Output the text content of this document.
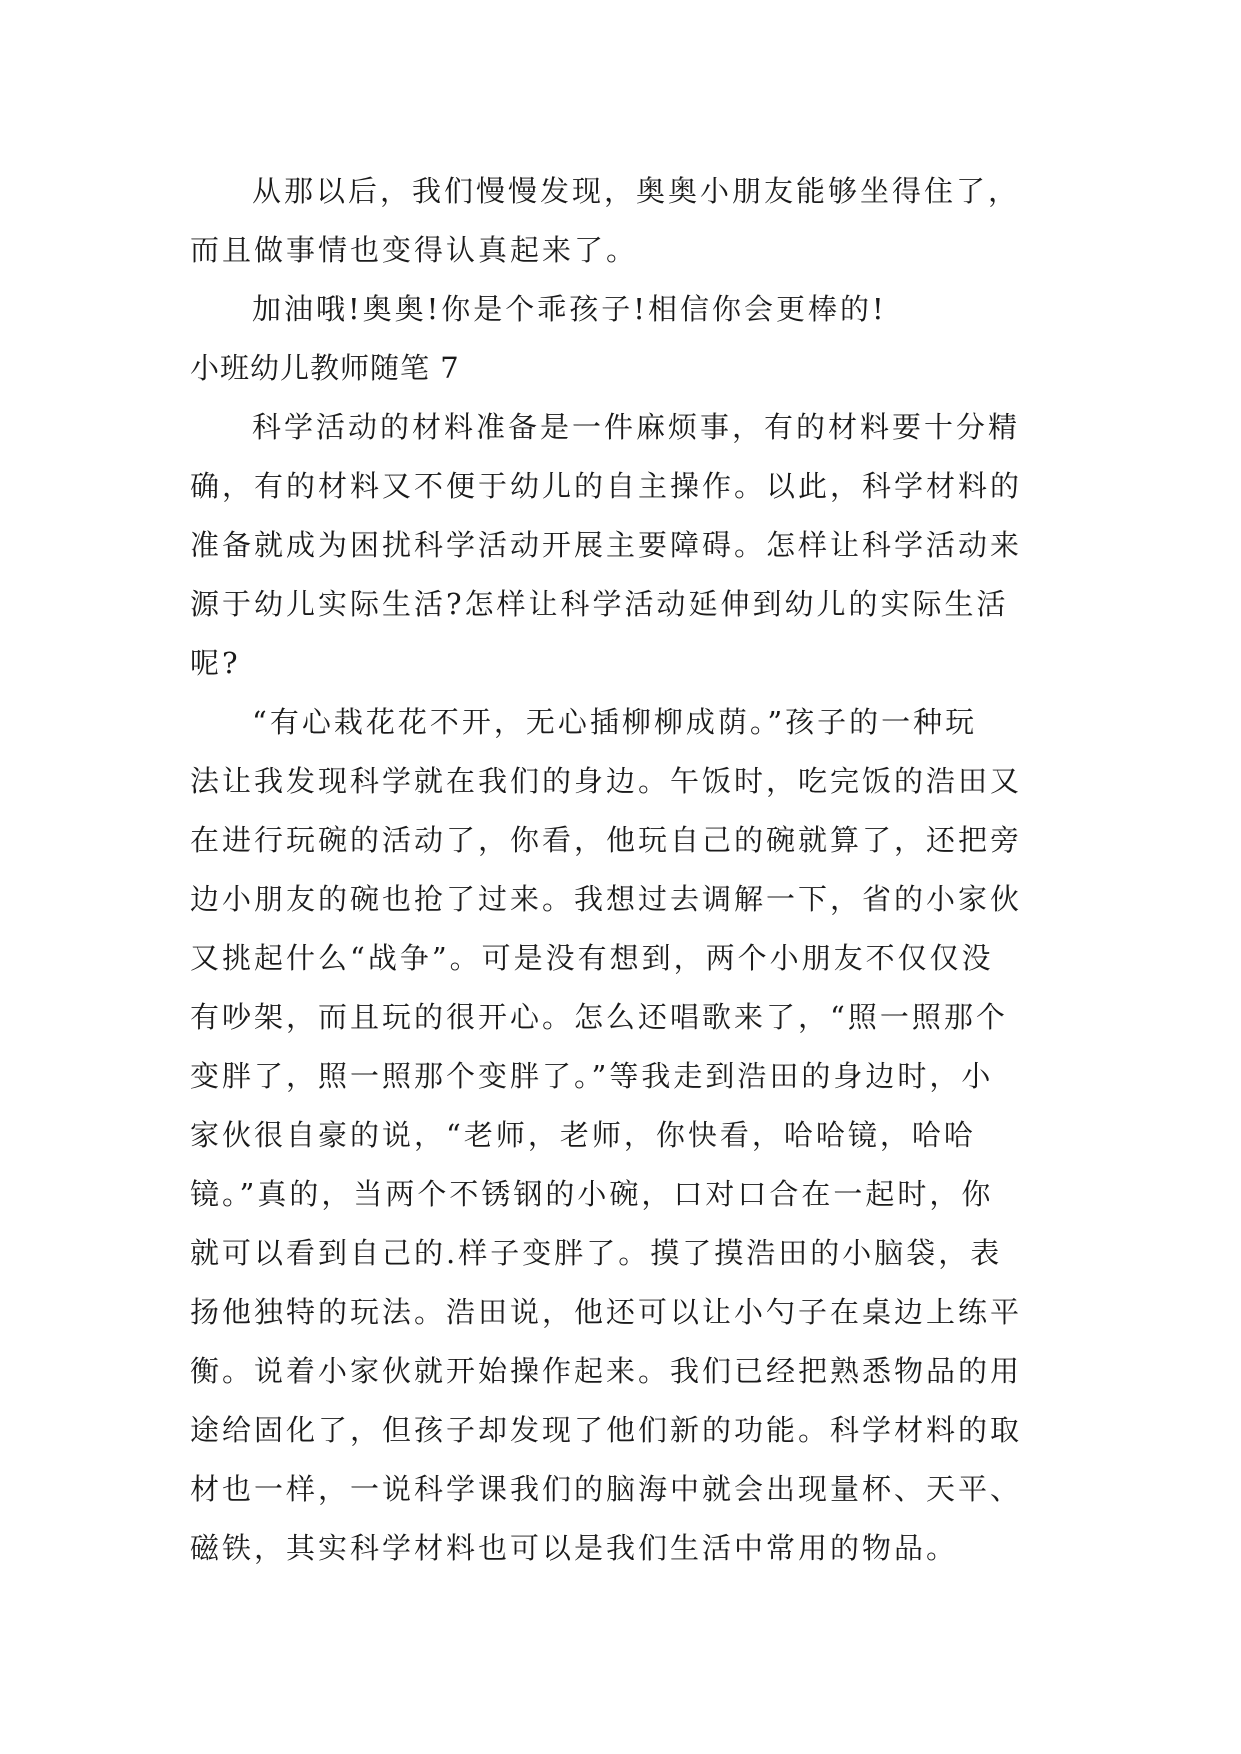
从那以后，我们慢慢发现，奥奥小朋友能够坐得住了，
而且做事情也变得认真起来了。
加油哦!奥奥!你是个乖孩子!相信你会更棒的!
小班幼儿教师随笔 7
科学活动的材料准备是一件麻烦事，有的材料要十分精
确，有的材料又不便于幼儿的自主操作。以此，科学材料的
准备就成为困扰科学活动开展主要障碍。怎样让科学活动来
源于幼儿实际生活?怎样让科学活动延伸到幼儿的实际生活
呢?
“有心栽花花不开，无心插柳柳成荫。”孩子的一种玩
法让我发现科学就在我们的身边。午饭时，吃完饭的浩田又
在进行玩碗的活动了，你看，他玩自己的碗就算了，还把旁
边小朋友的碗也抢了过来。我想过去调解一下，省的小家伙
又挑起什么“战争”。可是没有想到，两个小朋友不仅仅没
有吵架，而且玩的很开心。怎么还唱歌来了，“照一照那个
变胖了，照一照那个变胖了。”等我走到浩田的身边时，小
家伙很自豪的说，“老师，老师，你快看，哈哈镜，哈哈
镜。”真的，当两个不锈钢的小碗，口对口合在一起时，你
就可以看到自己的.样子变胖了。摸了摸浩田的小脑袋，表
扬他独特的玩法。浩田说，他还可以让小勺子在桌边上练平
衡。说着小家伙就开始操作起来。我们已经把熟悉物品的用
途给固化了，但孩子却发现了他们新的功能。科学材料的取
材也一样，一说科学课我们的脑海中就会出现量杯、天平、
磁铁，其实科学材料也可以是我们生活中常用的物品。
